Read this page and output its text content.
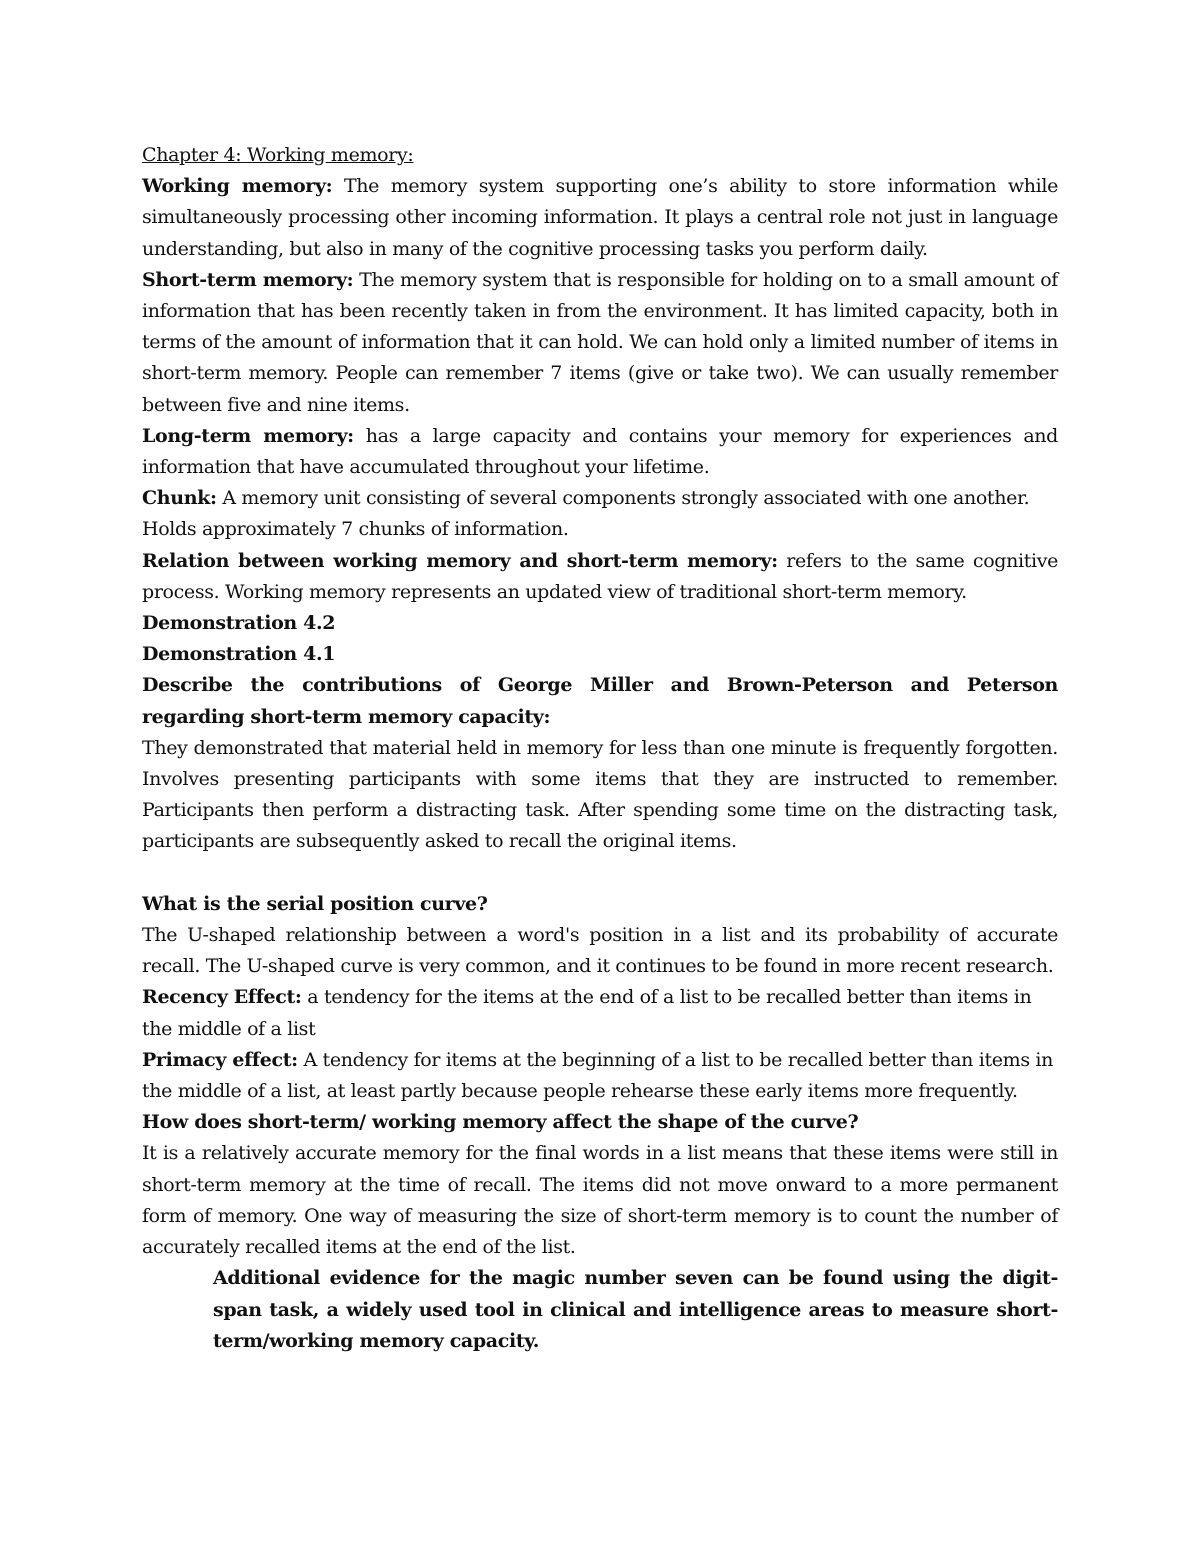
Chapter 4: Working memory:

Working memory: The memory system supporting one’s ability to store information while simultaneously processing other incoming information. It plays a central role not just in language understanding, but also in many of the cognitive processing tasks you perform daily.

Short-term memory: The memory system that is responsible for holding on to a small amount of information that has been recently taken in from the environment. It has limited capacity, both in terms of the amount of information that it can hold. We can hold only a limited number of items in short-term memory. People can remember 7 items (give or take two). We can usually remember between five and nine items.

Long-term memory: has a large capacity and contains your memory for experiences and information that have accumulated throughout your lifetime.

Chunk: A memory unit consisting of several components strongly associated with one another. Holds approximately 7 chunks of information.

Relation between working memory and short-term memory: refers to the same cognitive process. Working memory represents an updated view of traditional short-term memory.

Demonstration 4.2

Demonstration 4.1

Describe the contributions of George Miller and Brown-Peterson and Peterson regarding short-term memory capacity:

They demonstrated that material held in memory for less than one minute is frequently forgotten. Involves presenting participants with some items that they are instructed to remember. Participants then perform a distracting task. After spending some time on the distracting task, participants are subsequently asked to recall the original items.

What is the serial position curve?

The U-shaped relationship between a word's position in a list and its probability of accurate recall. The U-shaped curve is very common, and it continues to be found in more recent research.

Recency Effect: a tendency for the items at the end of a list to be recalled better than items in the middle of a list

Primacy effect: A tendency for items at the beginning of a list to be recalled better than items in the middle of a list, at least partly because people rehearse these early items more frequently.

How does short-term/ working memory affect the shape of the curve?

It is a relatively accurate memory for the final words in a list means that these items were still in short-term memory at the time of recall. The items did not move onward to a more permanent form of memory. One way of measuring the size of short-term memory is to count the number of accurately recalled items at the end of the list.

Additional evidence for the magic number seven can be found using the digit-span task, a widely used tool in clinical and intelligence areas to measure short-term/working memory capacity.
